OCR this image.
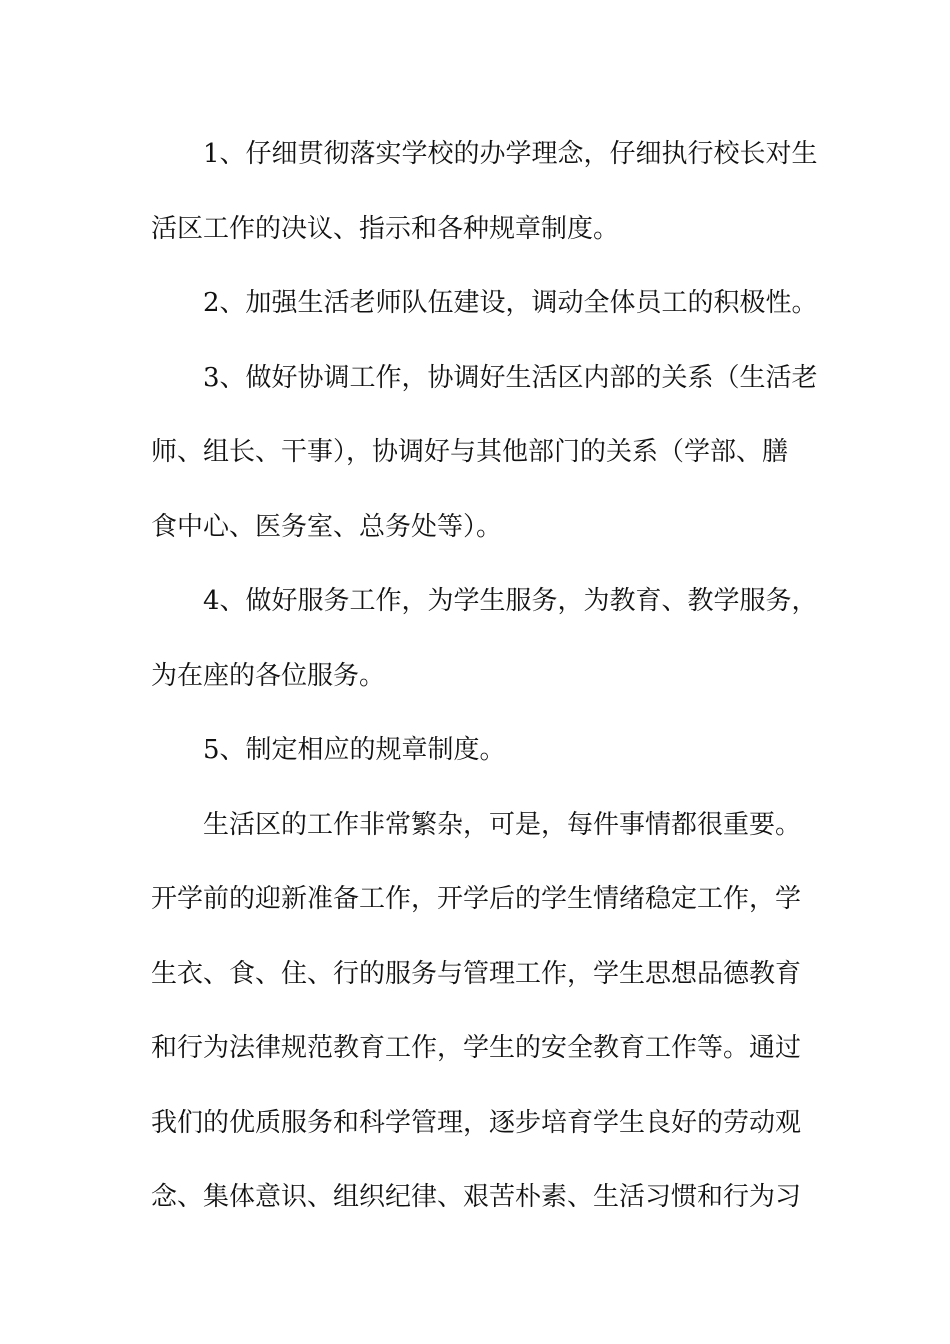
1、仔细贯彻落实学校的办学理念，仔细执行校长对生
活区工作的决议、指示和各种规章制度。
2、加强生活老师队伍建设，调动全体员工的积极性。
3、做好协调工作，协调好生活区内部的关系（生活老
师、组长、干事），协调好与其他部门的关系（学部、膳
食中心、医务室、总务处等）。
4、做好服务工作，为学生服务，为教育、教学服务，
为在座的各位服务。
5、制定相应的规章制度。
生活区的工作非常繁杂，可是，每件事情都很重要。
开学前的迎新准备工作，开学后的学生情绪稳定工作，学
生衣、食、住、行的服务与管理工作，学生思想品德教育
和行为法律规范教育工作，学生的安全教育工作等。通过
我们的优质服务和科学管理，逐步培育学生良好的劳动观
念、集体意识、组织纪律、艰苦朴素、生活习惯和行为习
